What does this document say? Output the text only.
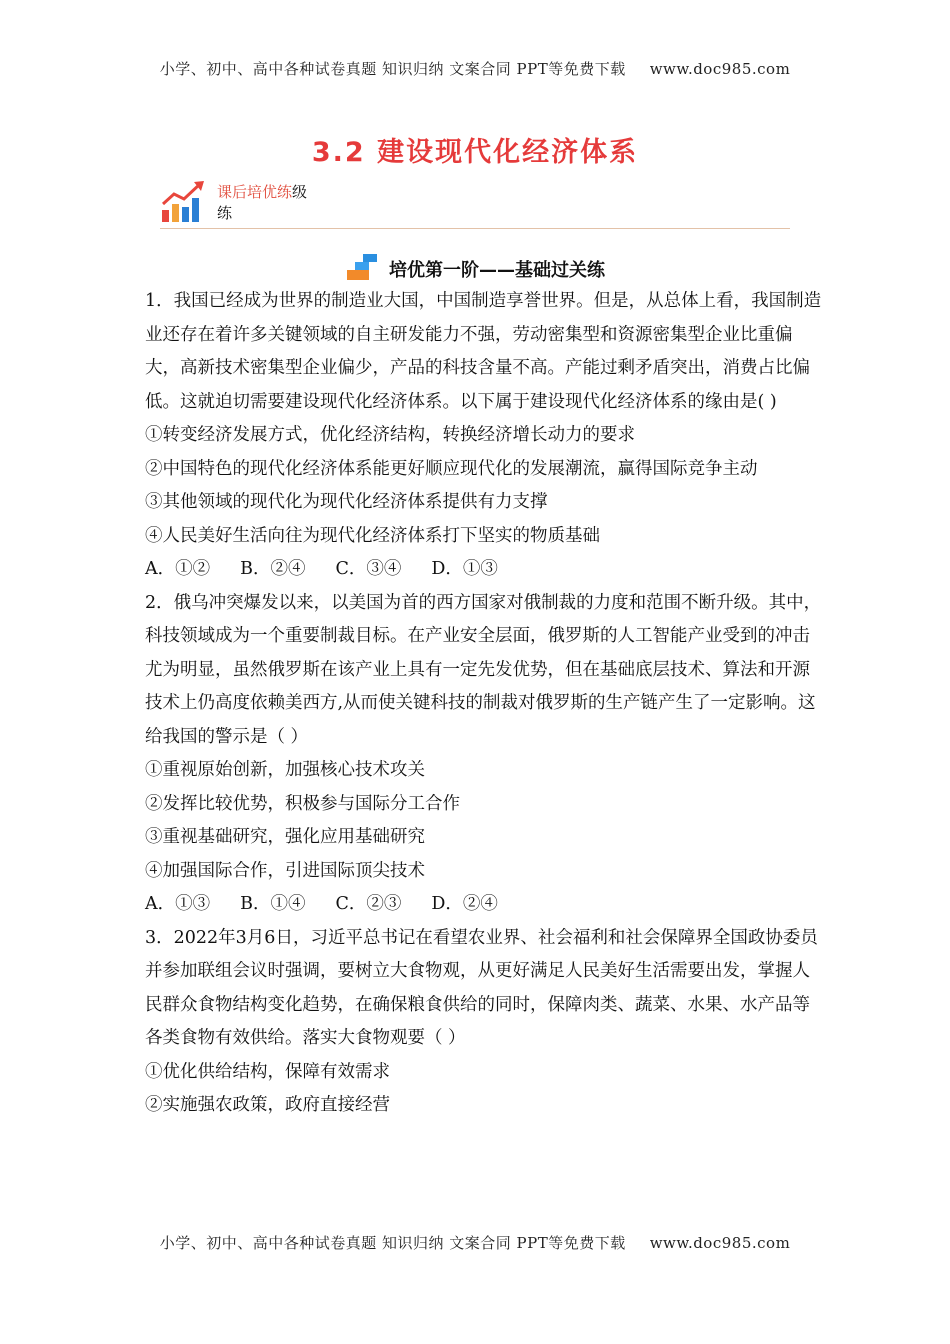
小学、初中、高中各种试卷真题 知识归纳 文案合同 PPT等免费下载 www.doc985.com
3.2 建设现代化经济体系
课后培优练级
练
培优第一阶——基础过关练

1．我国已经成为世界的制造业大国，中国制造享誉世界。但是，从总体上看，我国制造业还存在着许多关键领域的自主研发能力不强，劳动密集型和资源密集型企业比重偏大，高新技术密集型企业偏少，产品的科技含量不高。产能过剩矛盾突出，消费占比偏低。这就迫切需要建设现代化经济体系。以下属于建设现代化经济体系的缘由是( )

①转变经济发展方式，优化经济结构，转换经济增长动力的要求

②中国特色的现代化经济体系能更好顺应现代化的发展潮流，赢得国际竞争主动

③其他领域的现代化为现代化经济体系提供有力支撑

④人民美好生活向往为现代化经济体系打下坚实的物质基础

A．①② B．②④ C．③④ D．①③

2．俄乌冲突爆发以来，以美国为首的西方国家对俄制裁的力度和范围不断升级。其中，科技领域成为一个重要制裁目标。在产业安全层面，俄罗斯的人工智能产业受到的冲击尤为明显，虽然俄罗斯在该产业上具有一定先发优势，但在基础底层技术、算法和开源技术上仍高度依赖美西方,从而使关键科技的制裁对俄罗斯的生产链产生了一定影响。这给我国的警示是（ ）

①重视原始创新，加强核心技术攻关

②发挥比较优势，积极参与国际分工合作

③重视基础研究，强化应用基础研究

④加强国际合作，引进国际顶尖技术

A．①③ B．①④ C．②③ D．②④

3．2022年3月6日，习近平总书记在看望农业界、社会福利和社会保障界全国政协委员并参加联组会议时强调，要树立大食物观，从更好满足人民美好生活需要出发，掌握人民群众食物结构变化趋势，在确保粮食供给的同时，保障肉类、蔬菜、水果、水产品等各类食物有效供给。落实大食物观要（ ）

①优化供给结构，保障有效需求

②实施强农政策，政府直接经营

小学、初中、高中各种试卷真题 知识归纳 文案合同 PPT等免费下载 www.doc985.com
